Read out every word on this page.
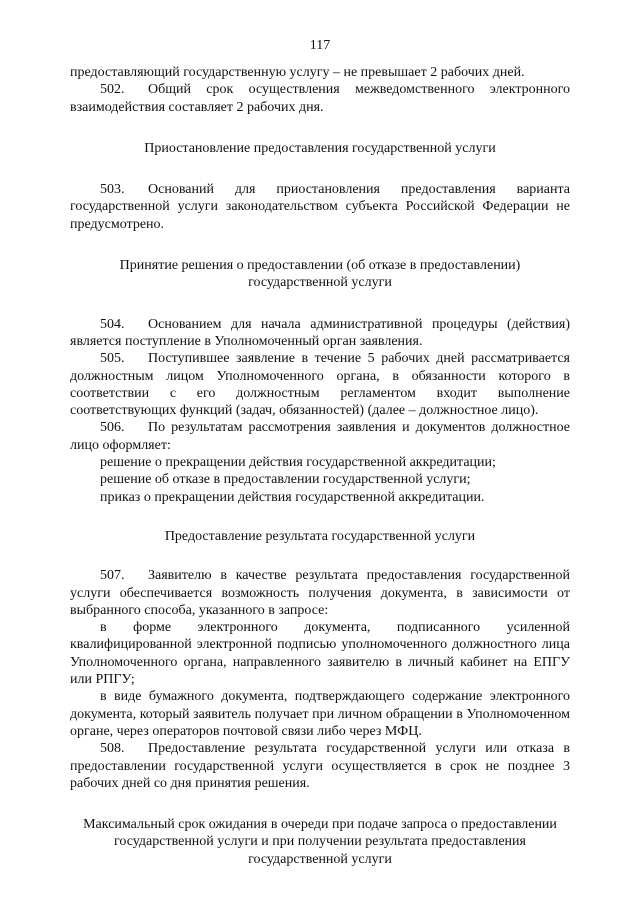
117

предоставляющий государственную услугу – не превышает 2 рабочих дней.

502. Общий срок осуществления межведомственного электронного взаимодействия составляет 2 рабочих дня.

Приостановление предоставления государственной услуги

503. Оснований для приостановления предоставления варианта государственной услуги законодательством субъекта Российской Федерации не предусмотрено.

Принятие решения о предоставлении (об отказе в предоставлении) государственной услуги

504. Основанием для начала административной процедуры (действия) является поступление в Уполномоченный орган заявления.

505. Поступившее заявление в течение 5 рабочих дней рассматривается должностным лицом Уполномоченного органа, в обязанности которого в соответствии с его должностным регламентом входит выполнение соответствующих функций (задач, обязанностей) (далее – должностное лицо).

506. По результатам рассмотрения заявления и документов должностное лицо оформляет:

решение о прекращении действия государственной аккредитации;

решение об отказе в предоставлении государственной услуги;

приказ о прекращении действия государственной аккредитации.

Предоставление результата государственной услуги

507. Заявителю в качестве результата предоставления государственной услуги обеспечивается возможность получения документа, в зависимости от выбранного способа, указанного в запросе:

в форме электронного документа, подписанного усиленной квалифицированной электронной подписью уполномоченного должностного лица Уполномоченного органа, направленного заявителю в личный кабинет на ЕПГУ или РПГУ;

в виде бумажного документа, подтверждающего содержание электронного документа, который заявитель получает при личном обращении в Уполномоченном органе, через операторов почтовой связи либо через МФЦ.

508. Предоставление результата государственной услуги или отказа в предоставлении государственной услуги осуществляется в срок не позднее 3 рабочих дней со дня принятия решения.

Максимальный срок ожидания в очереди при подаче запроса о предоставлении государственной услуги и при получении результата предоставления государственной услуги
